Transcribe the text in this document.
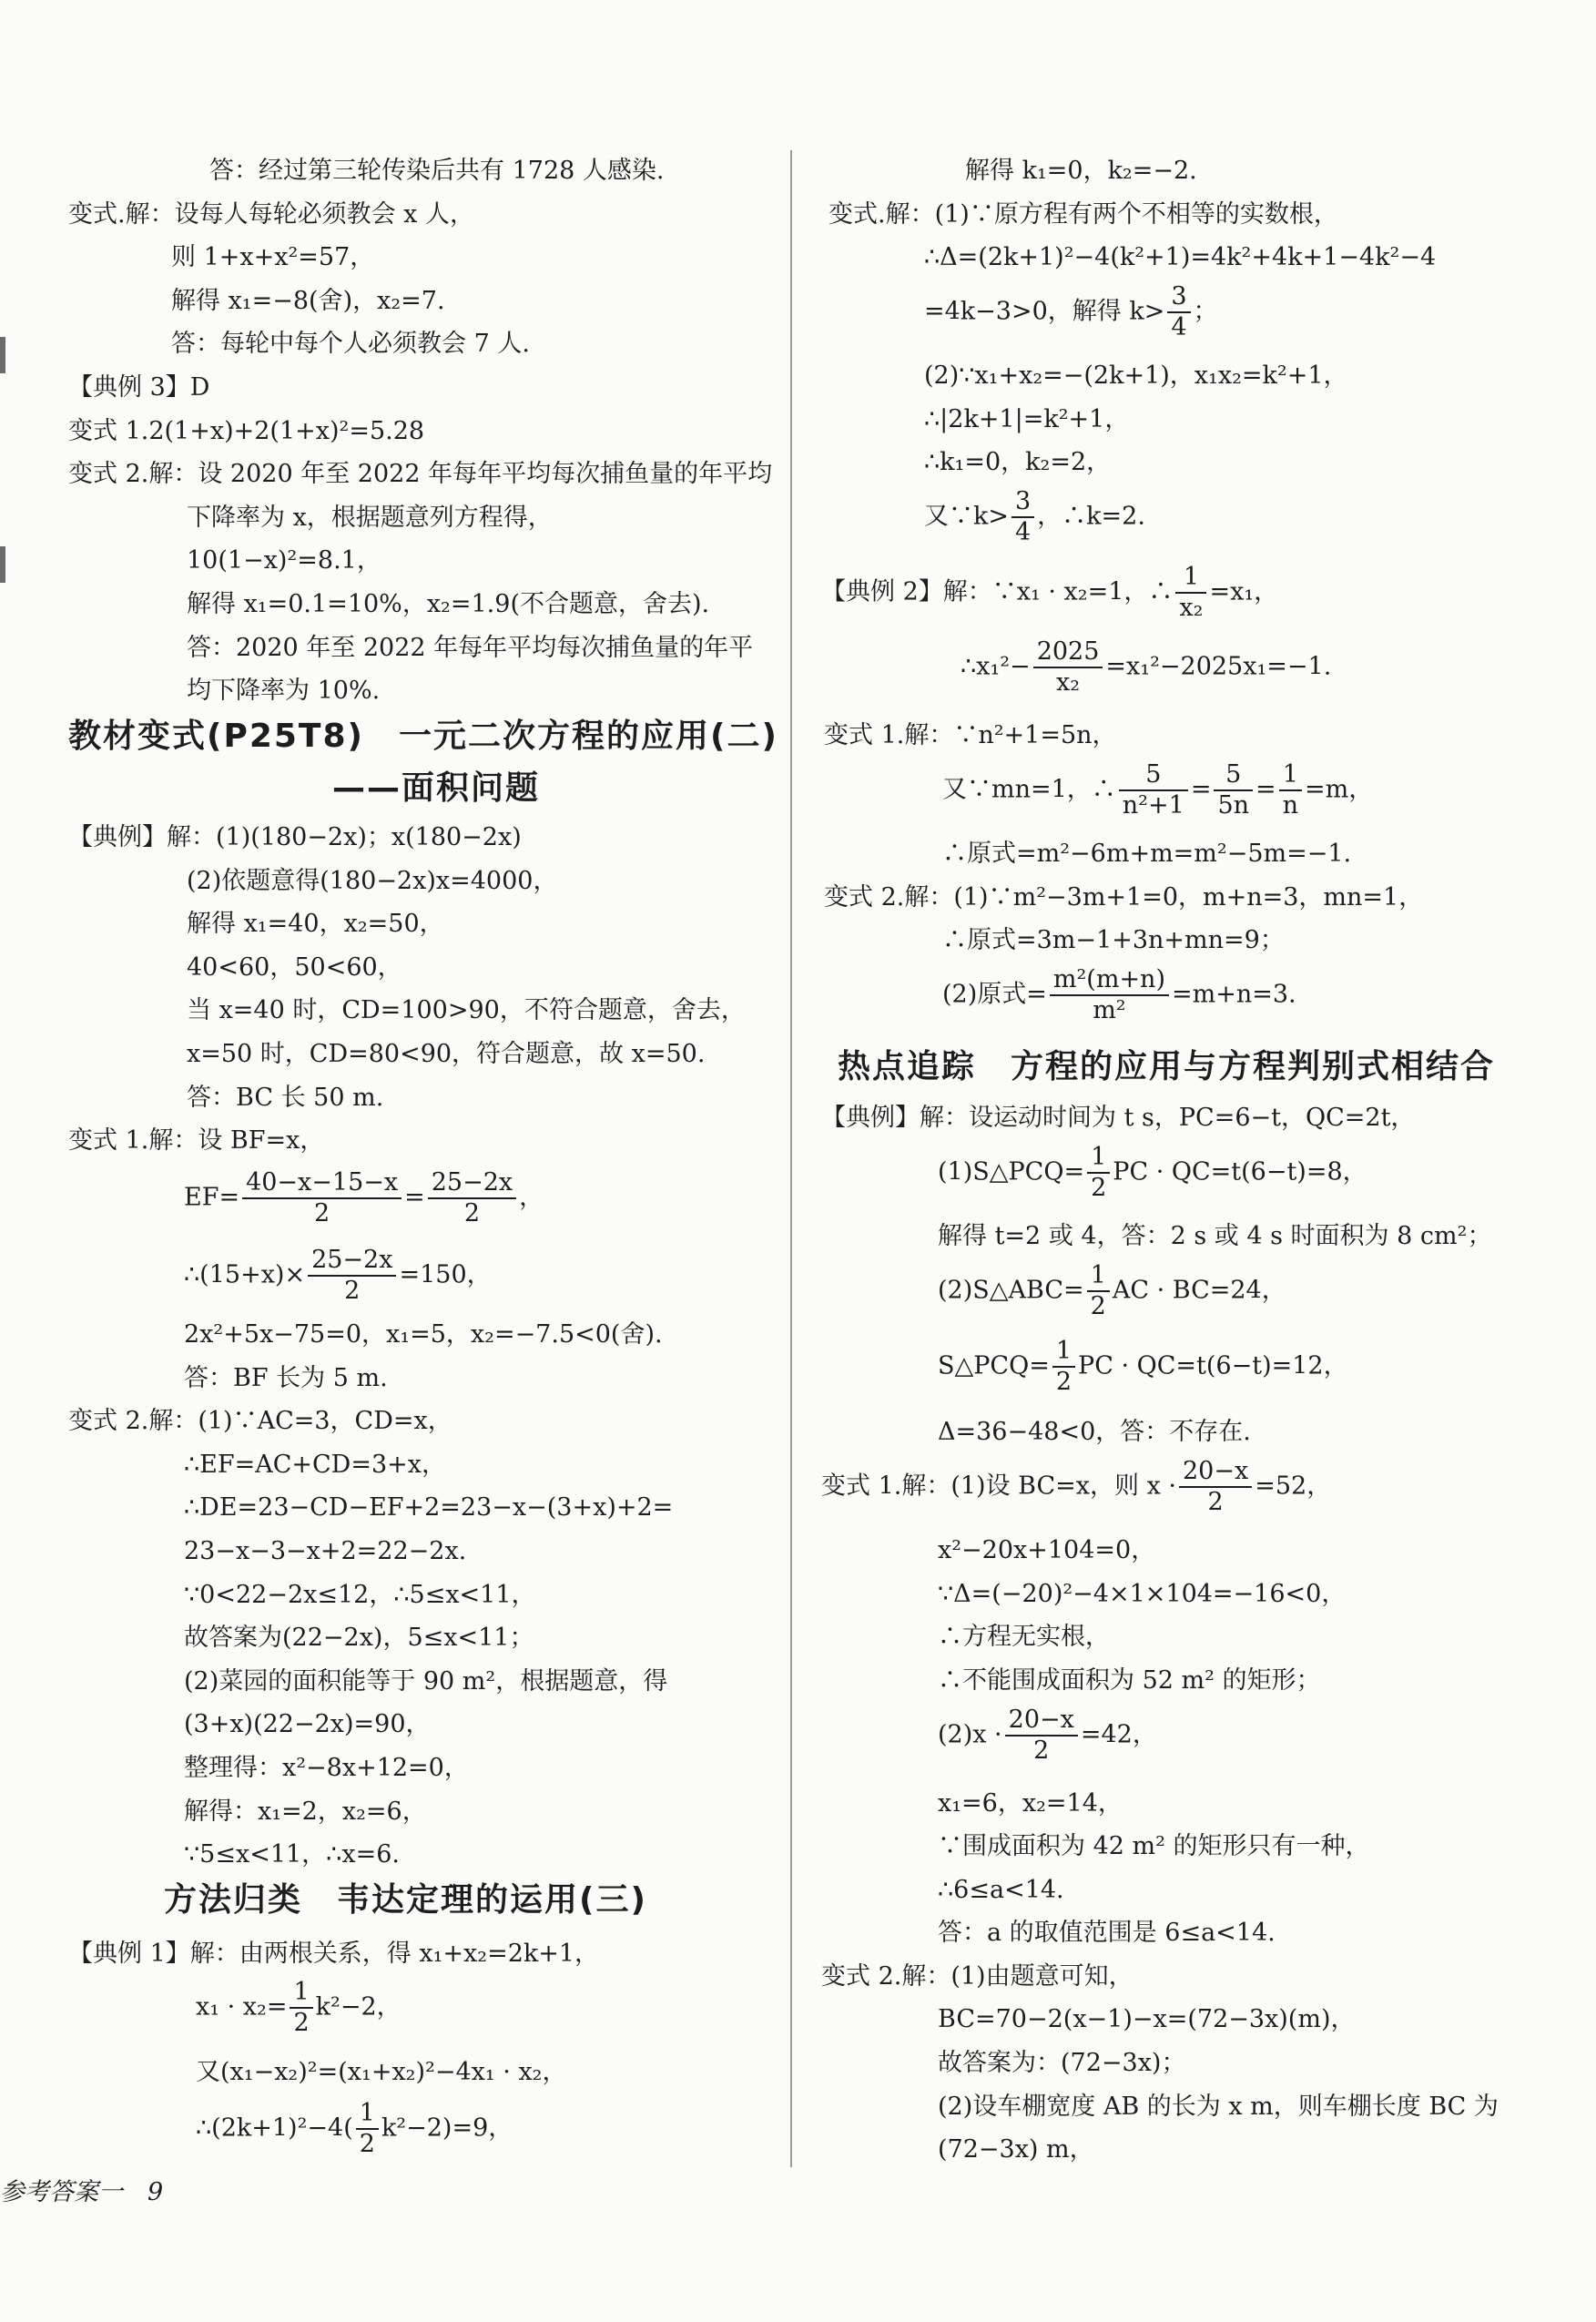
答：经过第三轮传染后共有 1728 人感染.
变式.解：设每人每轮必须教会 x 人，
则 1+x+x²=57，
解得 x₁=−8(舍)，x₂=7.
答：每轮中每个人必须教会 7 人.
【典例 3】D
变式 1.2(1+x)+2(1+x)²=5.28
变式 2.解：设 2020 年至 2022 年每年平均每次捕鱼量的年平均
下降率为 x，根据题意列方程得，
10(1−x)²=8.1，
解得 x₁=0.1=10%，x₂=1.9(不合题意，舍去).
答：2020 年至 2022 年每年平均每次捕鱼量的年平
均下降率为 10%.
教材变式(P25T8)　一元二次方程的应用(二)
——面积问题
【典例】解：(1)(180−2x)；x(180−2x)
(2)依题意得(180−2x)x=4000，
解得 x₁=40，x₂=50，
40<60，50<60，
当 x=40 时，CD=100>90，不符合题意，舍去，
x=50 时，CD=80<90，符合题意，故 x=50.
答：BC 长 50 m.
变式 1.解：设 BF=x，
$EF= \frac{40-x-15-x}{2} = \frac{25-2x}{2}$ ，
∴(15+x)× $\frac{25-2x}{2} =150$，
2x²+5x−75=0，x₁=5，x₂=−7.5<0(舍).
答：BF 长为 5 m.
变式 2.解：(1)∵AC=3，CD=x，
∴EF=AC+CD=3+x，
∴DE=23−CD−EF+2=23−x−(3+x)+2=
23−x−3−x+2=22−2x.
∵0<22−2x≤12，∴5≤x<11，
故答案为(22−2x)，5≤x<11；
(2)菜园的面积能等于 90 m²，根据题意，得
(3+x)(22−2x)=90，
整理得：x²−8x+12=0，
解得：x₁=2，x₂=6，
∵5≤x<11，∴x=6.
方法归类　韦达定理的运用(三)
【典例 1】解：由两根关系，得 x₁+x₂=2k+1，
$x_1 \cdot x_2= \frac{1}{2} k^2-2$，
又(x₁−x₂)²=(x₁+x₂)²−4x₁ · x₂，
∴(2k+1)²−4( $\frac{1}{2} k^2-2)=9$，
解得 k₁=0，k₂=−2.
变式.解：(1)∵原方程有两个不相等的实数根，
∴Δ=(2k+1)²−4(k²+1)=4k²+4k+1−4k²−4
=4k−3>0，解得 $k> \frac{3}{4}$ ；
(2)∵x₁+x₂=−(2k+1)，x₁x₂=k²+1，
∴|2k+1|=k²+1，
∴k₁=0，k₂=2，
又∵k> $\frac{3}{4}$ ，∴k=2.
【典例 2】解：∵x₁ · x₂=1，∴ $\frac{1}{\text{x₂}} =x_1$，
∴x₁²− $\frac{2025}{\text{x₂}} =x_1^2-2025x_1=-1$.
变式 1.解：∵n²+1=5n，
又∵mn=1，∴ $\frac{5}{\text{n²+1}} = \frac{5}{5n} = \frac{1}{n} =m$，
∴原式=m²−6m+m=m²−5m=−1.
变式 2.解：(1)∵m²−3m+1=0，m+n=3，mn=1，
∴原式=3m−1+3n+mn=9；
(2)原式= $\frac{\text{m²(m+n)}}{\text{m²}} =m+n=3$.
热点追踪　方程的应用与方程判别式相结合
【典例】解：设运动时间为 t s，PC=6−t，QC=2t，
(1)S△PCQ= $\frac{1}{2}$ PC · QC=t(6−t)=8，
解得 t=2 或 4，答：2 s 或 4 s 时面积为 8 cm²；
(2)S△ABC= $\frac{1}{2}$ AC · BC=24，
S△PCQ= $\frac{1}{2}$ PC · QC=t(6−t)=12，
Δ=36−48<0，答：不存在.
变式 1.解：(1)设 BC=x，则 $x \cdot \frac{20-x}{2} =52$，
x²−20x+104=0，
∵Δ=(−20)²−4×1×104=−16<0，
∴方程无实根，
∴不能围成面积为 52 m² 的矩形；
$(2)x \cdot \frac{20-x}{2} =42$，
x₁=6，x₂=14，
∵围成面积为 42 m² 的矩形只有一种，
∴6≤a<14.
答：a 的取值范围是 6≤a<14.
变式 2.解：(1)由题意可知，
BC=70−2(x−1)−x=(72−3x)(m)，
故答案为：(72−3x)；
(2)设车棚宽度 AB 的长为 x m，则车棚长度 BC 为
(72−3x) m，
参考答案一　9
